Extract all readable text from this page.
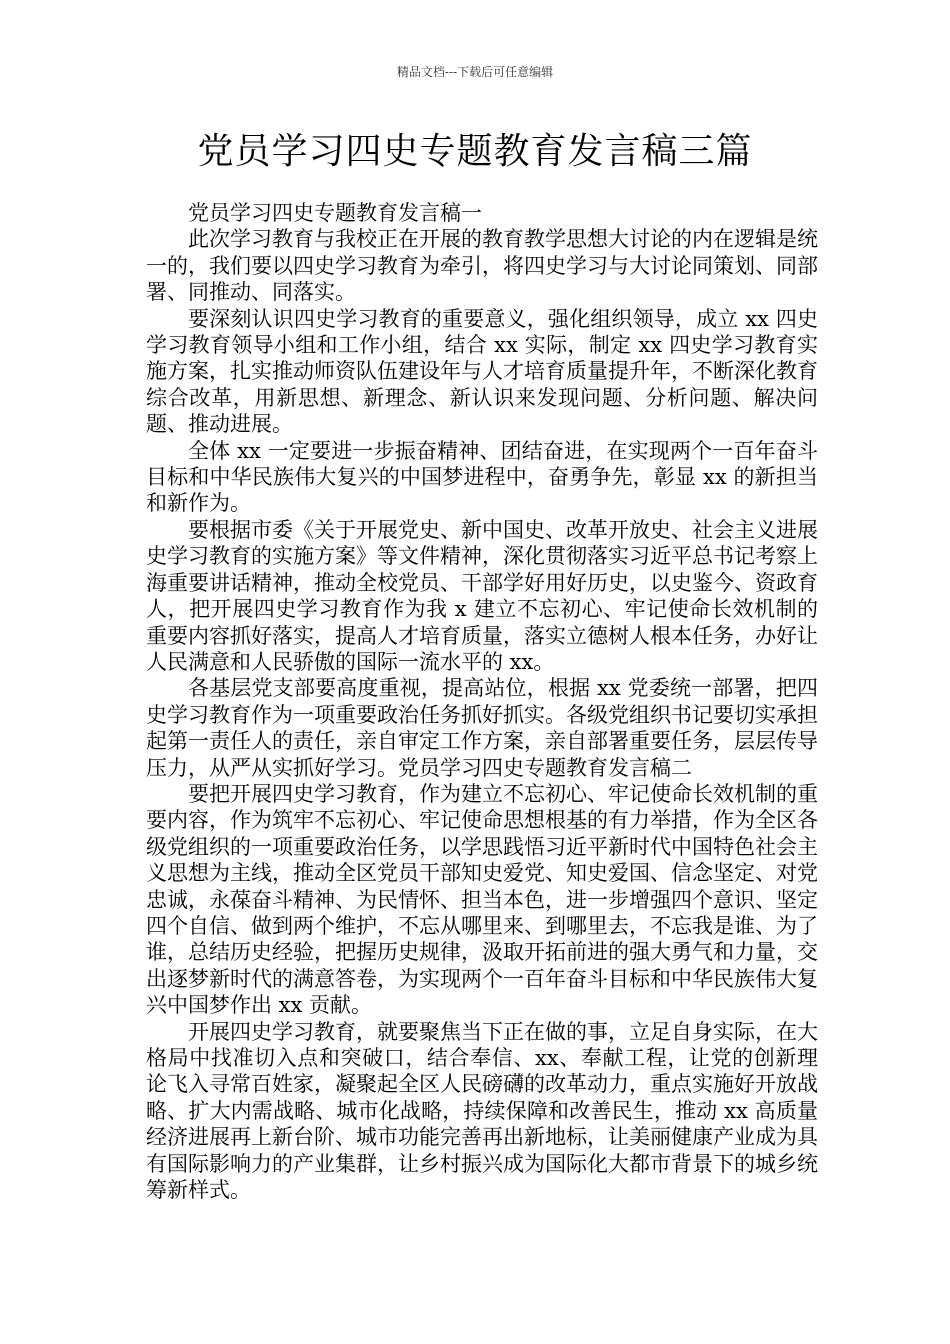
精品文档---下载后可任意编辑
党员学习四史专题教育发言稿三篇

党员学习四史专题教育发言稿一

此次学习教育与我校正在开展的教育教学思想大讨论的内在逻辑是统一的，我们要以四史学习教育为牵引，将四史学习与大讨论同策划、同部署、同推动、同落实。

要深刻认识四史学习教育的重要意义，强化组织领导，成立 xx 四史学习教育领导小组和工作小组，结合 xx 实际，制定 xx 四史学习教育实施方案，扎实推动师资队伍建设年与人才培育质量提升年，不断深化教育综合改革，用新思想、新理念、新认识来发现问题、分析问题、解决问题、推动进展。

全体 xx 一定要进一步振奋精神、团结奋进，在实现两个一百年奋斗目标和中华民族伟大复兴的中国梦进程中，奋勇争先，彰显 xx 的新担当和新作为。

要根据市委《关于开展党史、新中国史、改革开放史、社会主义进展史学习教育的实施方案》等文件精神，深化贯彻落实习近平总书记考察上海重要讲话精神，推动全校党员、干部学好用好历史，以史鉴今、资政育人，把开展四史学习教育作为我 x 建立不忘初心、牢记使命长效机制的重要内容抓好落实，提高人才培育质量，落实立德树人根本任务，办好让人民满意和人民骄傲的国际一流水平的 xx。

各基层党支部要高度重视，提高站位，根据 xx 党委统一部署，把四史学习教育作为一项重要政治任务抓好抓实。各级党组织书记要切实承担起第一责任人的责任，亲自审定工作方案，亲自部署重要任务，层层传导压力，从严从实抓好学习。党员学习四史专题教育发言稿二

要把开展四史学习教育，作为建立不忘初心、牢记使命长效机制的重要内容，作为筑牢不忘初心、牢记使命思想根基的有力举措，作为全区各级党组织的一项重要政治任务，以学思践悟习近平新时代中国特色社会主义思想为主线，推动全区党员干部知史爱党、知史爱国、信念坚定、对党忠诚，永葆奋斗精神、为民情怀、担当本色，进一步增强四个意识、坚定四个自信、做到两个维护，不忘从哪里来、到哪里去，不忘我是谁、为了谁，总结历史经验，把握历史规律，汲取开拓前进的强大勇气和力量，交出逐梦新时代的满意答卷，为实现两个一百年奋斗目标和中华民族伟大复兴中国梦作出 xx 贡献。

开展四史学习教育，就要聚焦当下正在做的事，立足自身实际，在大格局中找准切入点和突破口，结合奉信、xx、奉献工程，让党的创新理论飞入寻常百姓家，凝聚起全区人民磅礴的改革动力，重点实施好开放战略、扩大内需战略、城市化战略，持续保障和改善民生，推动 xx 高质量经济进展再上新台阶、城市功能完善再出新地标，让美丽健康产业成为具有国际影响力的产业集群，让乡村振兴成为国际化大都市背景下的城乡统筹新样式。
